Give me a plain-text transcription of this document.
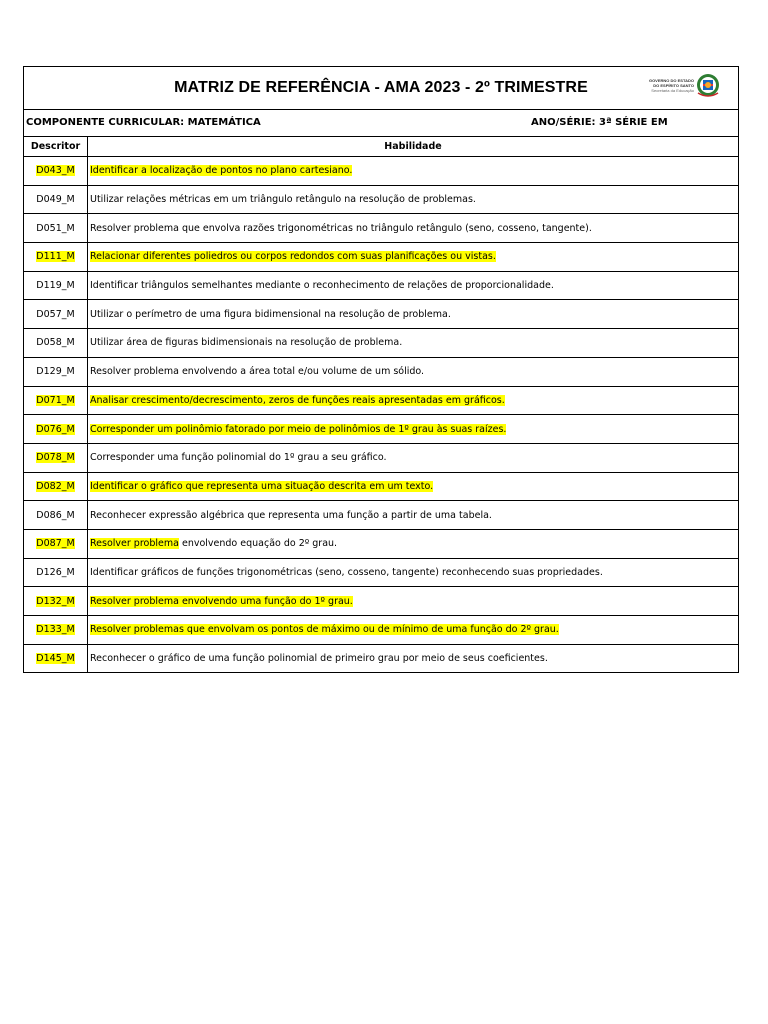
MATRIZ DE REFERÊNCIA - AMA 2023 - 2º TRIMESTRE	GOVERNO DO ESTADO
DO ESPÍRITO SANTO
Secretaria da Educação
COMPONENTE CURRICULAR: MATEMÁTICA	ANO/SÉRIE: 3ª SÉRIE EM
Descritor	Habilidade
D043_M	Identificar a localização de pontos no plano cartesiano.
D049_M	Utilizar relações métricas em um triângulo retângulo na resolução de problemas.
D051_M	Resolver problema que envolva razões trigonométricas no triângulo retângulo (seno, cosseno, tangente).
D111_M	Relacionar diferentes poliedros ou corpos redondos com suas planificações ou vistas.
D119_M	Identificar triângulos semelhantes mediante o reconhecimento de relações de proporcionalidade.
D057_M	Utilizar o perímetro de uma figura bidimensional na resolução de problema.
D058_M	Utilizar área de figuras bidimensionais na resolução de problema.
D129_M	Resolver problema envolvendo a área total e/ou volume de um sólido.
D071_M	Analisar crescimento/decrescimento, zeros de funções reais apresentadas em gráficos.
D076_M	Corresponder um polinômio fatorado por meio de polinômios de 1º grau às suas raízes.
D078_M	Corresponder uma função polinomial do 1º grau a seu gráfico.
D082_M	Identificar o gráfico que representa uma situação descrita em um texto.
D086_M	Reconhecer expressão algébrica que representa uma função a partir de uma tabela.
D087_M	Resolver problema envolvendo equação do 2º grau.
D126_M	Identificar gráficos de funções trigonométricas (seno, cosseno, tangente) reconhecendo suas propriedades.
D132_M	Resolver problema envolvendo uma função do 1º grau.
D133_M	Resolver problemas que envolvam os pontos de máximo ou de mínimo de uma função do 2º grau.
D145_M	Reconhecer o gráfico de uma função polinomial de primeiro grau por meio de seus coeficientes.
